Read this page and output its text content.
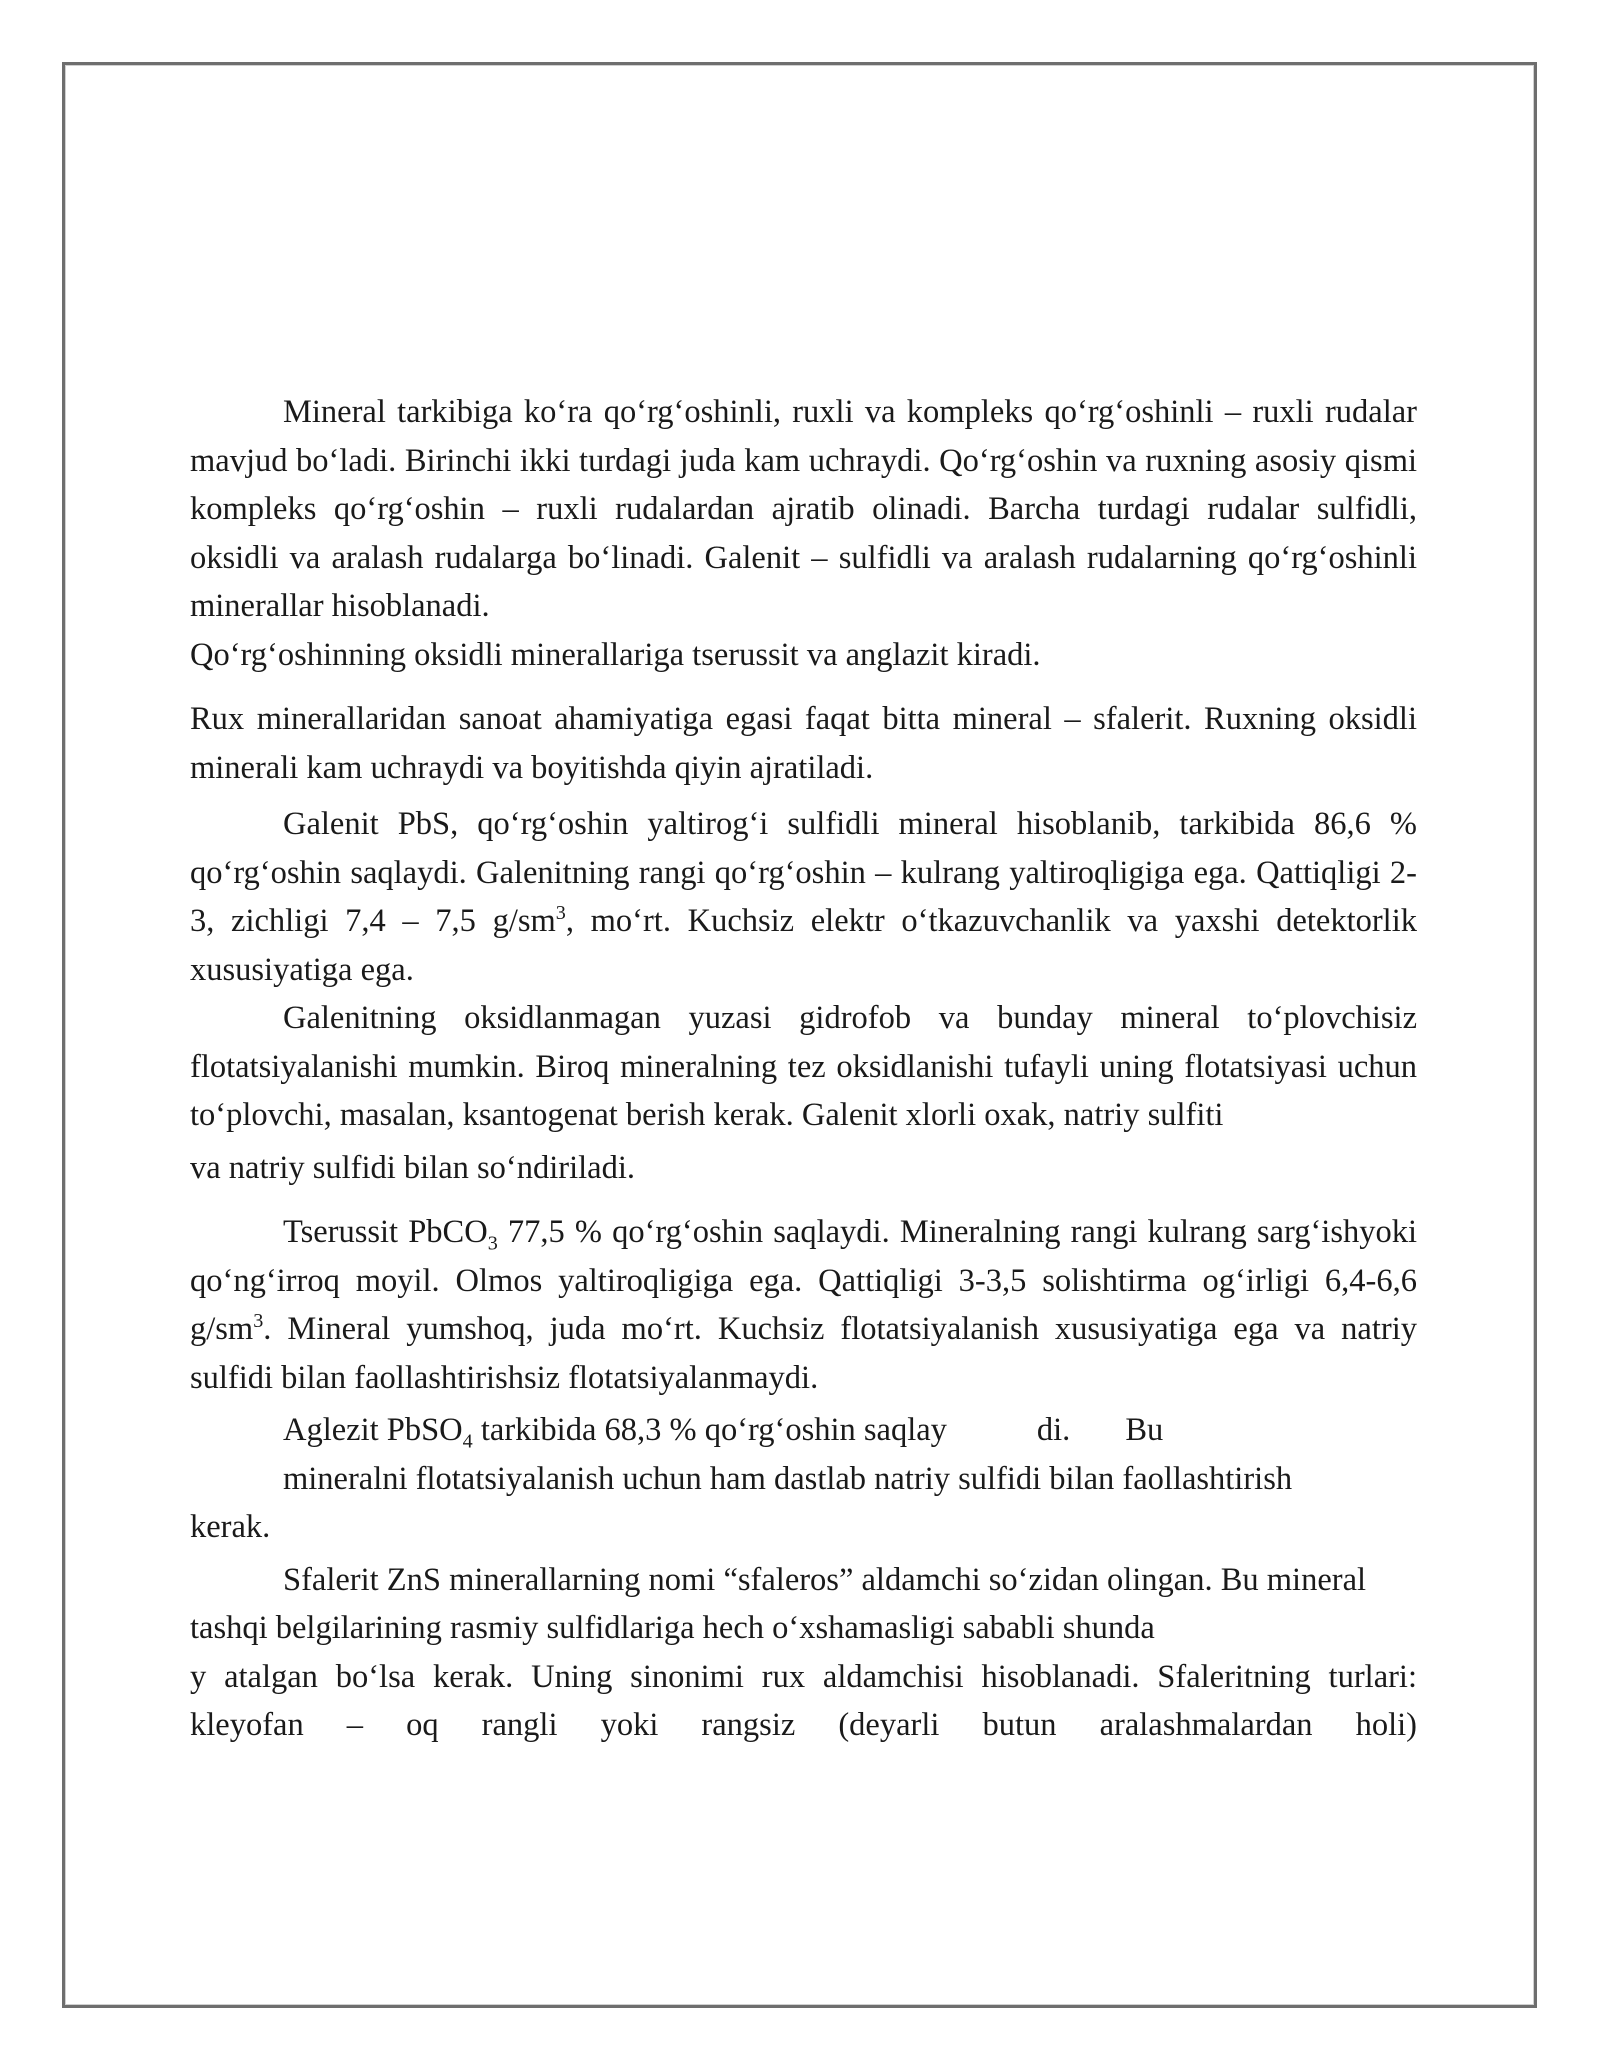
Mineral tarkibiga ko‘ra qo‘rg‘oshinli, ruxli va kompleks qo‘rg‘oshinli – ruxli rudalar mavjud bo‘ladi. Birinchi ikki turdagi juda kam uchraydi. Qo‘rg‘oshin va ruxning asosiy qismi kompleks qo‘rg‘oshin – ruxli rudalardan ajratib olinadi. Barcha turdagi rudalar sulfidli, oksidli va aralash rudalarga bo‘linadi. Galenit – sulfidli va aralash rudalarning qo‘rg‘oshinli minerallar hisoblanadi.

Qo‘rg‘oshinning oksidli minerallariga tserussit va anglazit kiradi.

Rux minerallaridan sanoat ahamiyatiga egasi faqat bitta mineral – sfalerit. Ruxning oksidli minerali kam uchraydi va boyitishda qiyin ajratiladi.

Galenit PbS, qo‘rg‘oshin yaltirog‘i sulfidli mineral hisoblanib, tarkibida 86,6 % qo‘rg‘oshin saqlaydi. Galenitning rangi qo‘rg‘oshin – kulrang yaltiroqligiga ega. Qattiqligi 2-3, zichligi 7,4 – 7,5 $g/sm^3$, mo‘rt. Kuchsiz elektr o‘tkazuvchanlik va yaxshi detektorlik xususiyatiga ega.

Galenitning oksidlanmagan yuzasi gidrofob va bunday mineral to‘plovchisiz flotatsiyalanishi mumkin. Biroq mineralning tez oksidlanishi tufayli uning flotatsiyasi uchun to‘plovchi, masalan, ksantogenat berish kerak. Galenit xlorli oxak, natriy sulfiti

va natriy sulfidi bilan so‘ndiriladi.

Tserussit PbCO$_3$ 77,5 % qo‘rg‘oshin saqlaydi. Mineralning rangi kulrang sarg‘ishyoki qo‘ng‘irroq moyil. Olmos yaltiroqligiga ega. Qattiqligi 3-3,5 solishtirma og‘irligi 6,4-6,6 $g/sm^3$. Mineral yumshoq, juda mo‘rt. Kuchsiz flotatsiyalanish xususiyatiga ega va natriy sulfidi bilan faollashtirishsiz flotatsiyalanmaydi.

Aglezit PbSO$_4$ tarkibida 68,3 % qo‘rg‘oshin saqlay	di. Bu
mineralni flotatsiyalanish uchun ham dastlab natriy sulfidi bilan faollashtirish
kerak.

Sfalerit ZnS minerallarning nomi “sfaleros” aldamchi so‘zidan olingan. Bu mineral tashqi belgilarining rasmiy sulfidlariga hech o‘xshamasligi sababli shunda

y atalgan bo‘lsa kerak. Uning sinonimi rux aldamchisi hisoblanadi. Sfaleritning turlari: kleyofan – oq rangli yoki rangsiz (deyarli butun aralashmalardan holi)
